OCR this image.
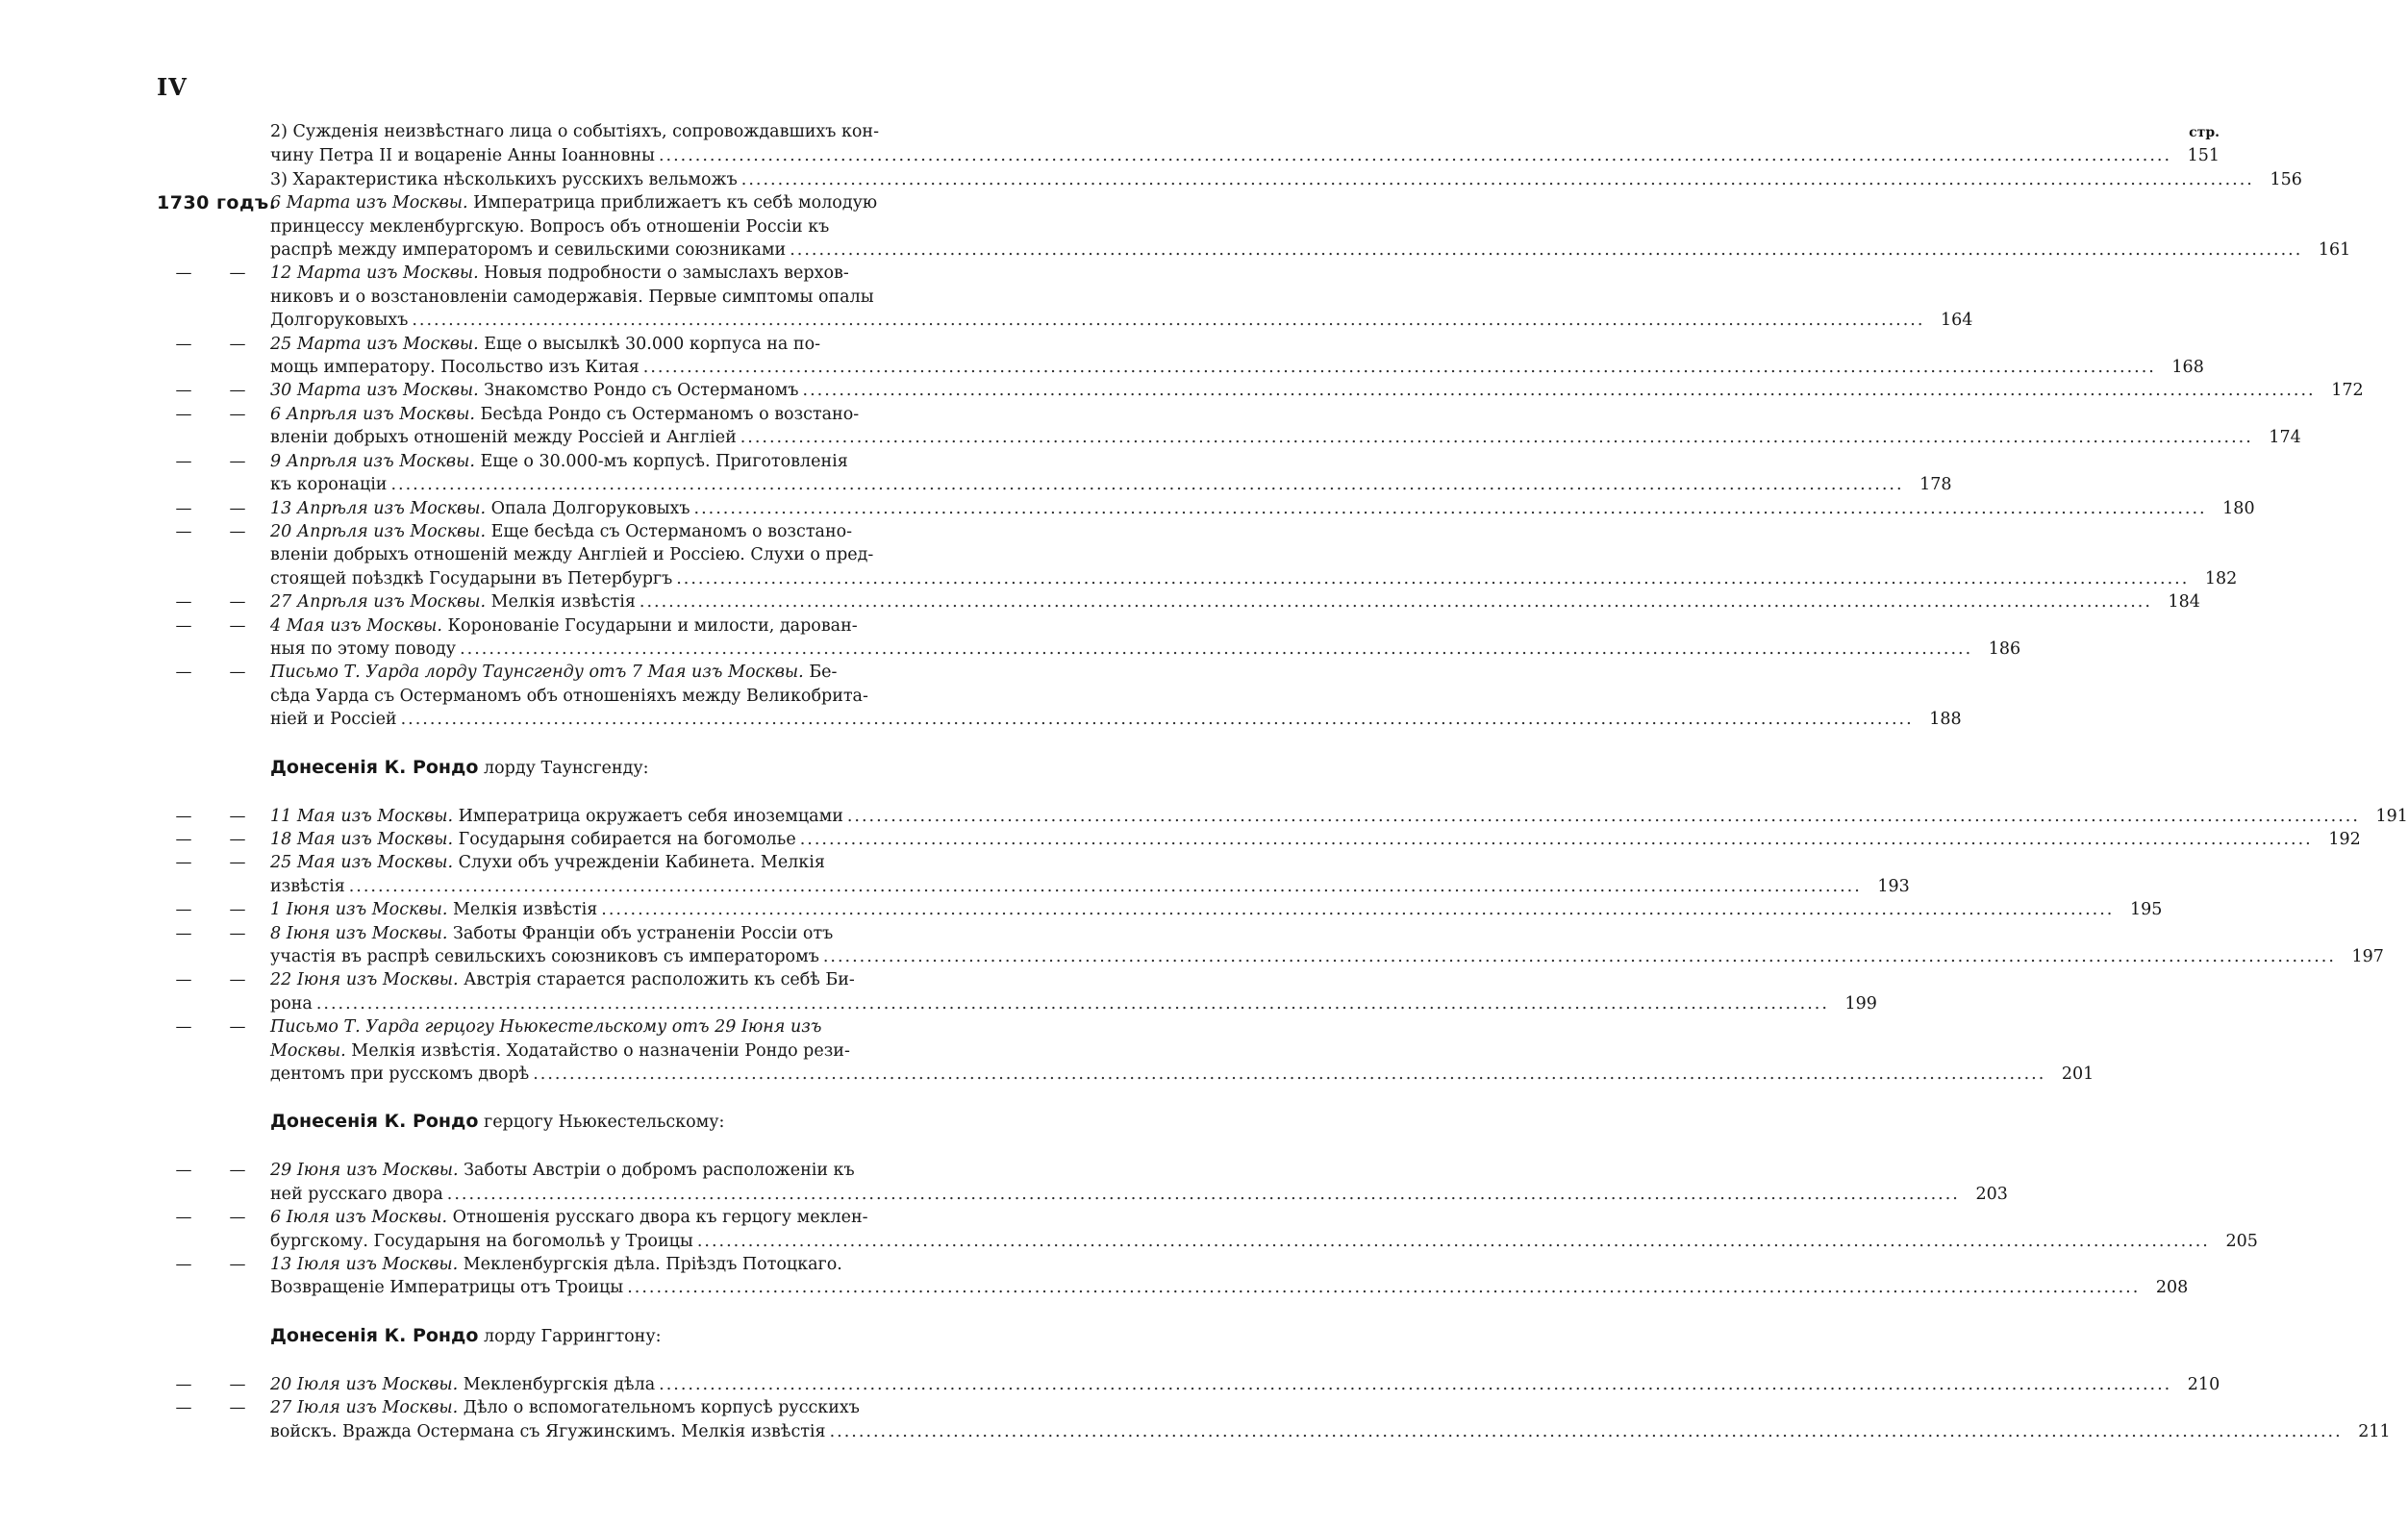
IV
2) Сужденія неизвѣстнаго лица о событіяхъ, сопровождавшихъ кон-	стр.
чину Петра II и воцареніе Анны Іоанновны .....	151
3) Характеристика нѣсколькихъ русскихъ вельможъ .....	156
1730 годъ.
6 Марта изъ Москвы. Императрица приближаетъ къ себѣ молодую
принцессу мекленбургскую. Вопросъ объ отношеніи Россіи къ
распрѣ между императоромъ и севильскими союзниками .....	161
—	—	12 Марта изъ Москвы. Новыя подробности о замыслахъ верхов-
никовъ и о возстановленіи самодержавія. Первые симптомы опалы
Долгоруковыхъ .....	164
—	—	25 Марта изъ Москвы. Еще о высылкѣ 30.000 корпуса на по-
мощь императору. Посольство изъ Китая .....	168
—	—	30 Марта изъ Москвы. Знакомство Рондо съ Остерманомъ .....	172
—	—	6 Апрѣля изъ Москвы. Бесѣда Рондо съ Остерманомъ о возстано-
вленіи добрыхъ отношеній между Россіей и Англіей .....	174
—	—	9 Апрѣля изъ Москвы. Еще о 30.000-мъ корпусѣ. Приготовленія
къ коронаціи .....	178
—	—	13 Апрѣля изъ Москвы. Опала Долгоруковыхъ .....	180
—	—	20 Апрѣля изъ Москвы. Еще бесѣда съ Остерманомъ о возстано-
вленіи добрыхъ отношеній между Англіей и Россіею. Слухи о пред-
стоящей поѣздкѣ Государыни въ Петербургъ .....	182
—	—	27 Апрѣля изъ Москвы. Мелкія извѣстія .....	184
—	—	4 Мая изъ Москвы. Коронованіе Государыни и милости, дарован-
ныя по этому поводу .....	186
—	—	Письмо Т. Уарда лорду Таунсгенду отъ 7 Мая изъ Москвы. Бе-
сѣда Уарда съ Остерманомъ объ отношеніяхъ между Великобрита-
ніей и Россіей .....	188
Донесенія К. Рондо лорду Таунсгенду:
—	—	11 Мая изъ Москвы. Императрица окружаетъ себя иноземцами .....	191
—	—	18 Мая изъ Москвы. Государыня собирается на богомолье .....	192
—	—	25 Мая изъ Москвы. Слухи объ учрежденіи Кабинета. Мелкія
извѣстія .....	193
—	—	1 Іюня изъ Москвы. Мелкія извѣстія .....	195
—	—	8 Іюня изъ Москвы. Заботы Франціи объ устраненіи Россіи отъ
участія въ распрѣ севильскихъ союзниковъ съ императоромъ .....	197
—	—	22 Іюня изъ Москвы. Австрія старается расположить къ себѣ Би-
рона .....	199
—	—	Письмо Т. Уарда герцогу Ньюкестельскому отъ 29 Іюня изъ
Москвы. Мелкія извѣстія. Ходатайство о назначеніи Рондо рези-
дентомъ при русскомъ дворѣ .....	201
Донесенія К. Рондо герцогу Ньюкестельскому:
—	—	29 Іюня изъ Москвы. Заботы Австріи о добромъ расположеніи къ
ней русскаго двора .....	203
—	—	6 Іюля изъ Москвы. Отношенія русскаго двора къ герцогу меклен-
бургскому. Государыня на богомольѣ у Троицы .....	205
—	—	13 Іюля изъ Москвы. Мекленбургскія дѣла. Пріѣздъ Потоцкаго.
Возвращеніе Императрицы отъ Троицы .....	208
Донесенія К. Рондо лорду Гаррингтону:
—	—	20 Іюля изъ Москвы. Мекленбургскія дѣла .....	210
—	—	27 Іюля изъ Москвы. Дѣло о вспомогательномъ корпусѣ русскихъ
войскъ. Вражда Остермана съ Ягужинскимъ. Мелкія извѣстія .....	211
